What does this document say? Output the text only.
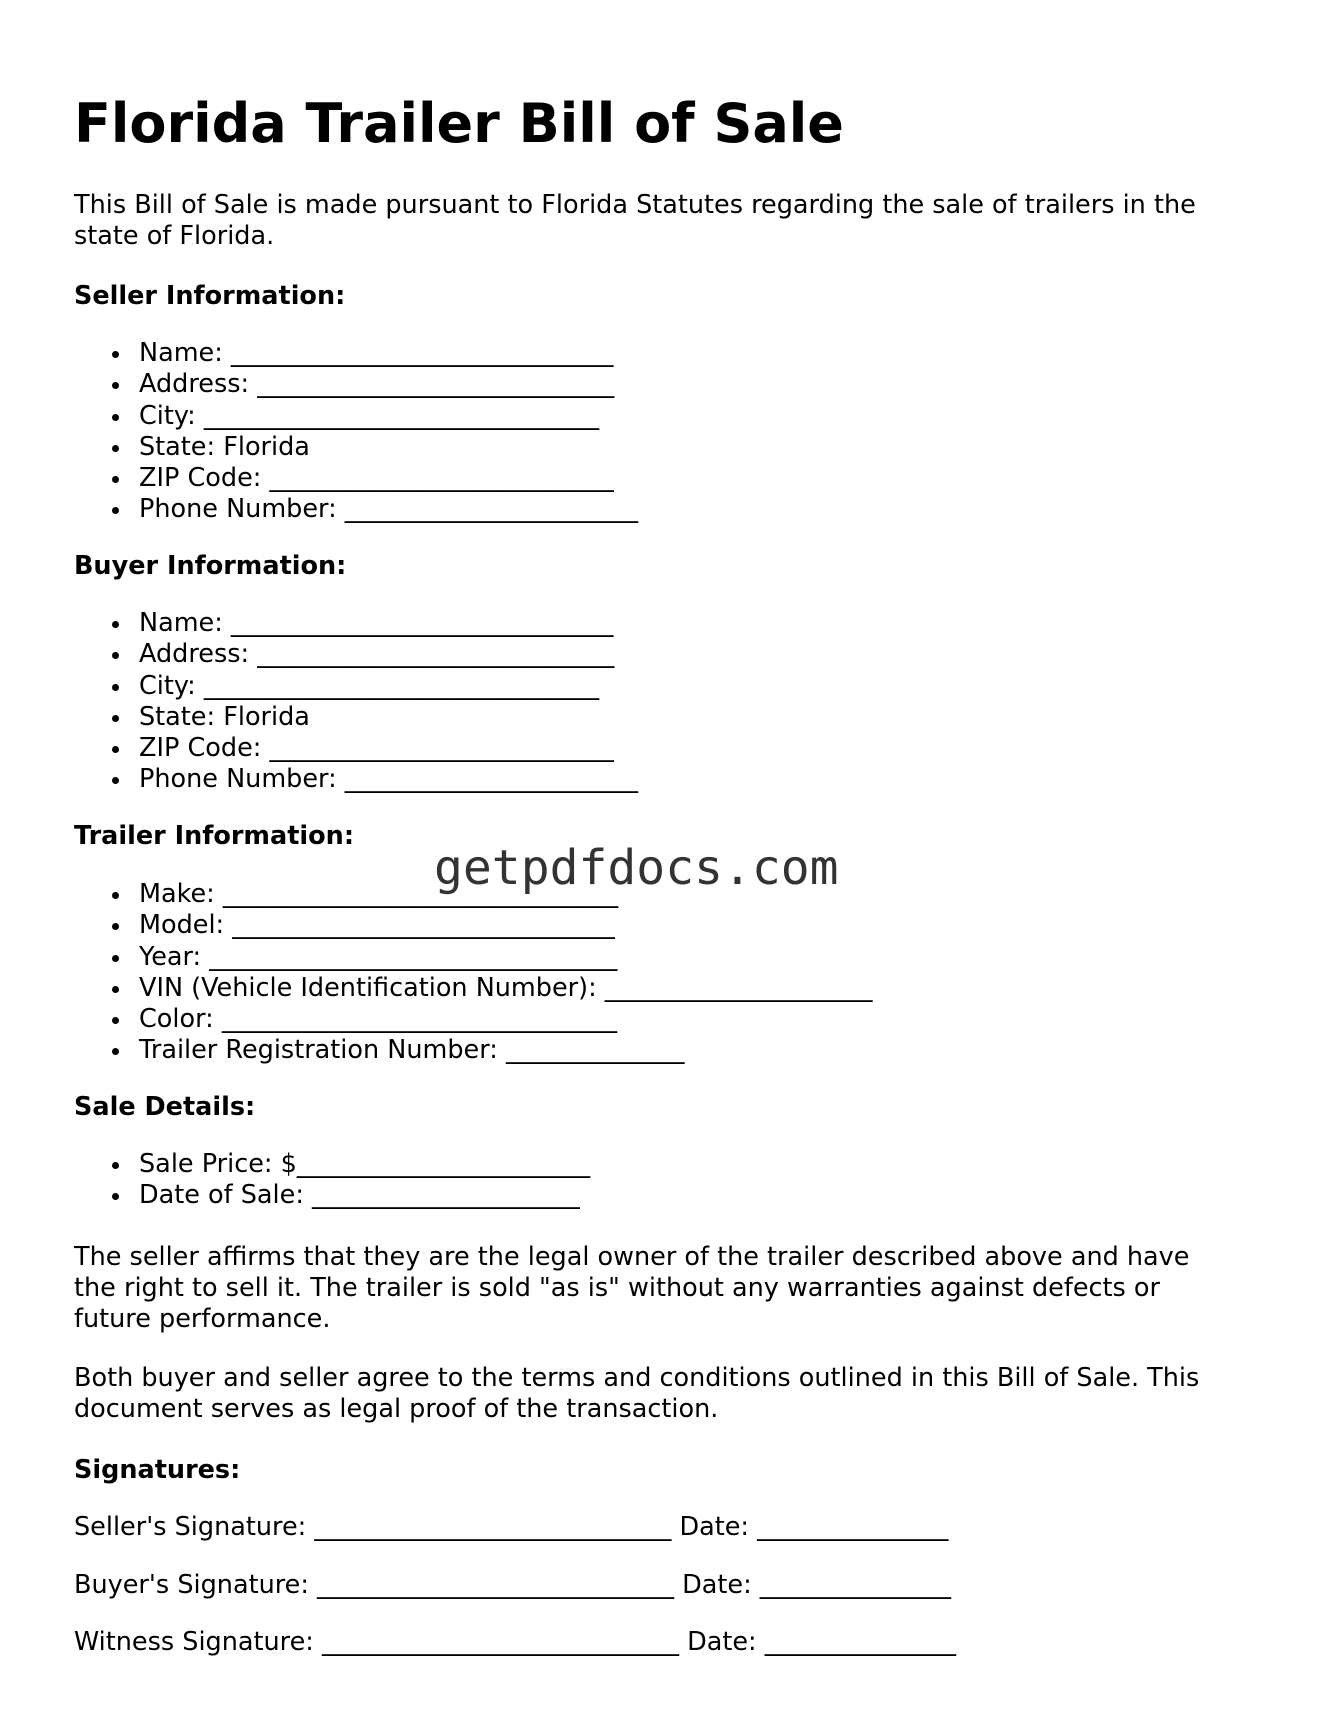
Florida Trailer Bill of Sale

This Bill of Sale is made pursuant to Florida Statutes regarding the sale of trailers in the state of Florida.

Seller Information:

Name: ______________________________
Address: ____________________________
City: _______________________________
State: Florida
ZIP Code: ___________________________
Phone Number: _______________________

Buyer Information:

Name: ______________________________
Address: ____________________________
City: _______________________________
State: Florida
ZIP Code: ___________________________
Phone Number: _______________________

Trailer Information:

Make: _______________________________
Model: ______________________________
Year: ________________________________
VIN (Vehicle Identification Number): _____________________
Color: _______________________________
Trailer Registration Number: ______________

Sale Details:

Sale Price: $_______________________
Date of Sale: _____________________

The seller affirms that they are the legal owner of the trailer described above and have the right to sell it. The trailer is sold "as is" without any warranties against defects or future performance.

Both buyer and seller agree to the terms and conditions outlined in this Bill of Sale. This document serves as legal proof of the transaction.

Signatures:

Seller's Signature: ____________________________ Date: _______________

Buyer's Signature: ____________________________ Date: _______________

Witness Signature: ____________________________ Date: _______________

getpdfdocs.com
